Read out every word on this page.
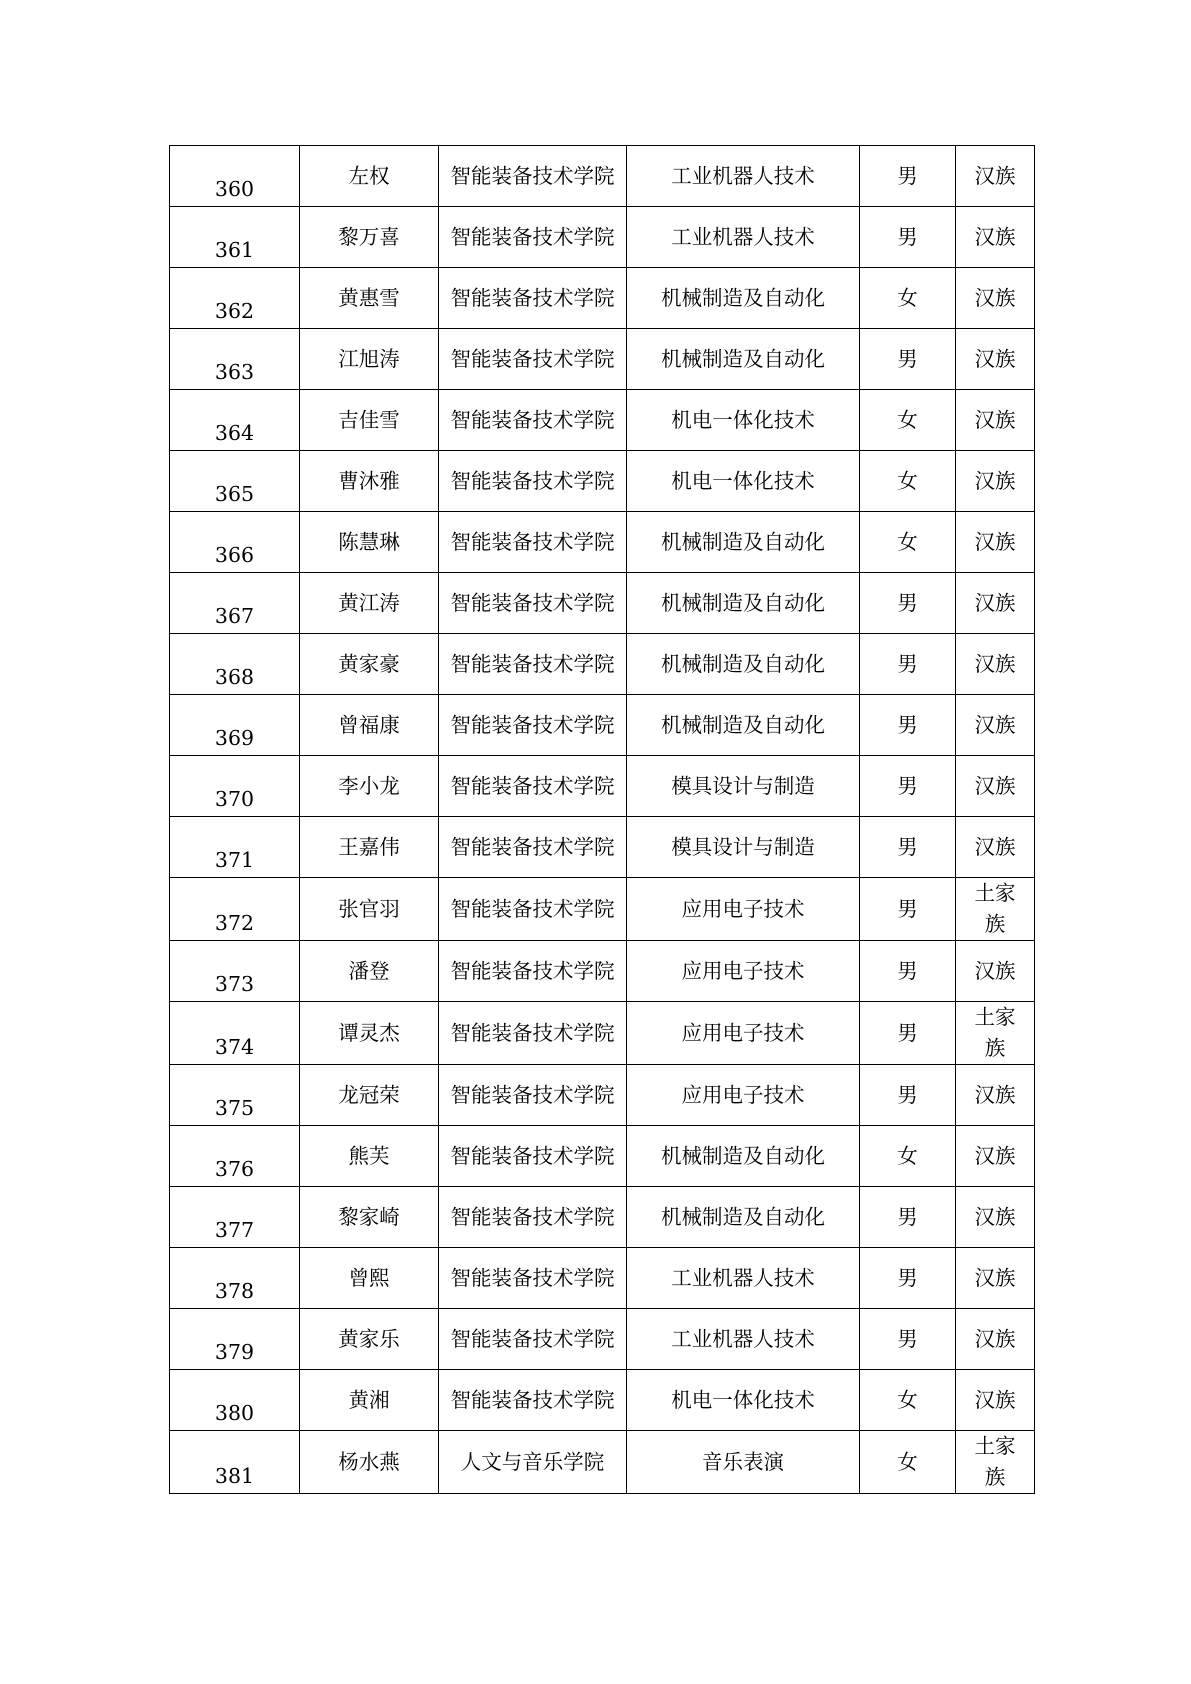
360	左权	智能装备技术学院	工业机器人技术	男	汉族
361	黎万喜	智能装备技术学院	工业机器人技术	男	汉族
362	黄惠雪	智能装备技术学院	机械制造及自动化	女	汉族
363	江旭涛	智能装备技术学院	机械制造及自动化	男	汉族
364	吉佳雪	智能装备技术学院	机电一体化技术	女	汉族
365	曹沐雅	智能装备技术学院	机电一体化技术	女	汉族
366	陈慧琳	智能装备技术学院	机械制造及自动化	女	汉族
367	黄江涛	智能装备技术学院	机械制造及自动化	男	汉族
368	黄家豪	智能装备技术学院	机械制造及自动化	男	汉族
369	曾福康	智能装备技术学院	机械制造及自动化	男	汉族
370	李小龙	智能装备技术学院	模具设计与制造	男	汉族
371	王嘉伟	智能装备技术学院	模具设计与制造	男	汉族
372	张官羽	智能装备技术学院	应用电子技术	男	土家族
373	潘登	智能装备技术学院	应用电子技术	男	汉族
374	谭灵杰	智能装备技术学院	应用电子技术	男	土家族
375	龙冠荣	智能装备技术学院	应用电子技术	男	汉族
376	熊芙	智能装备技术学院	机械制造及自动化	女	汉族
377	黎家崎	智能装备技术学院	机械制造及自动化	男	汉族
378	曾熙	智能装备技术学院	工业机器人技术	男	汉族
379	黄家乐	智能装备技术学院	工业机器人技术	男	汉族
380	黄湘	智能装备技术学院	机电一体化技术	女	汉族
381	杨水燕	人文与音乐学院	音乐表演	女	土家族
